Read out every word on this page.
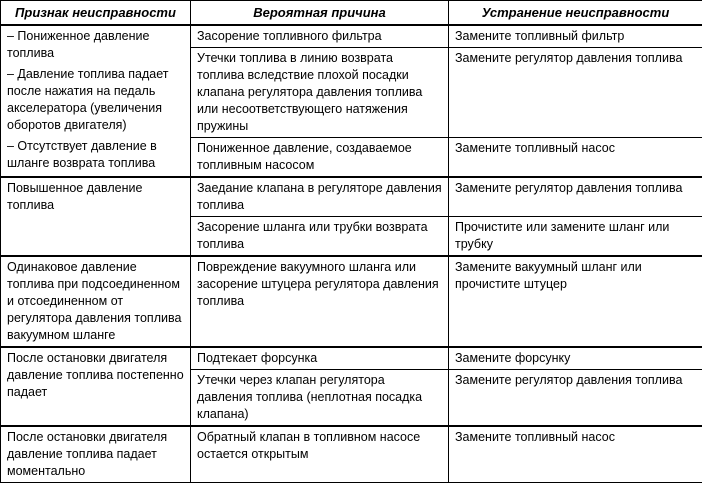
Признак неисправности	Вероятная причина	Устранение неисправности

– Пониженное давление топлива

– Давление топлива падает после нажатия на педаль акселератора (увеличения оборотов двигателя)

– Отсутствует давление в шланге возврата топлива	Засорение топливного фильтра	Замените топливный фильтр
	Утечки топлива в линию возврата топлива вследствие плохой посадки клапана регулятора давления топлива или несоответствующего натяжения пружины	Замените регулятор давления топлива
	Пониженное давление, создаваемое топливным насосом	Замените топливный насос

Повышенное давление топлива	Заедание клапана в регуляторе давления топлива	Замените регулятор давления топлива
	Засорение шланга или трубки возврата топлива	Прочистите или замените шланг или трубку

Одинаковое давление топлива при подсоединенном и отсоединенном от регулятора давления топлива вакуумном шланге	Повреждение вакуумного шланга или засорение штуцера регулятора давления топлива	Замените вакуумный шланг или прочистите штуцер

После остановки двигателя давление топлива постепенно падает	Подтекает форсунка	Замените форсунку
	Утечки через клапан регулятора давления топлива (неплотная посадка клапана)	Замените регулятор давления топлива

После остановки двигателя давление топлива падает моментально	Обратный клапан в топливном насосе остается открытым	Замените топливный насос
